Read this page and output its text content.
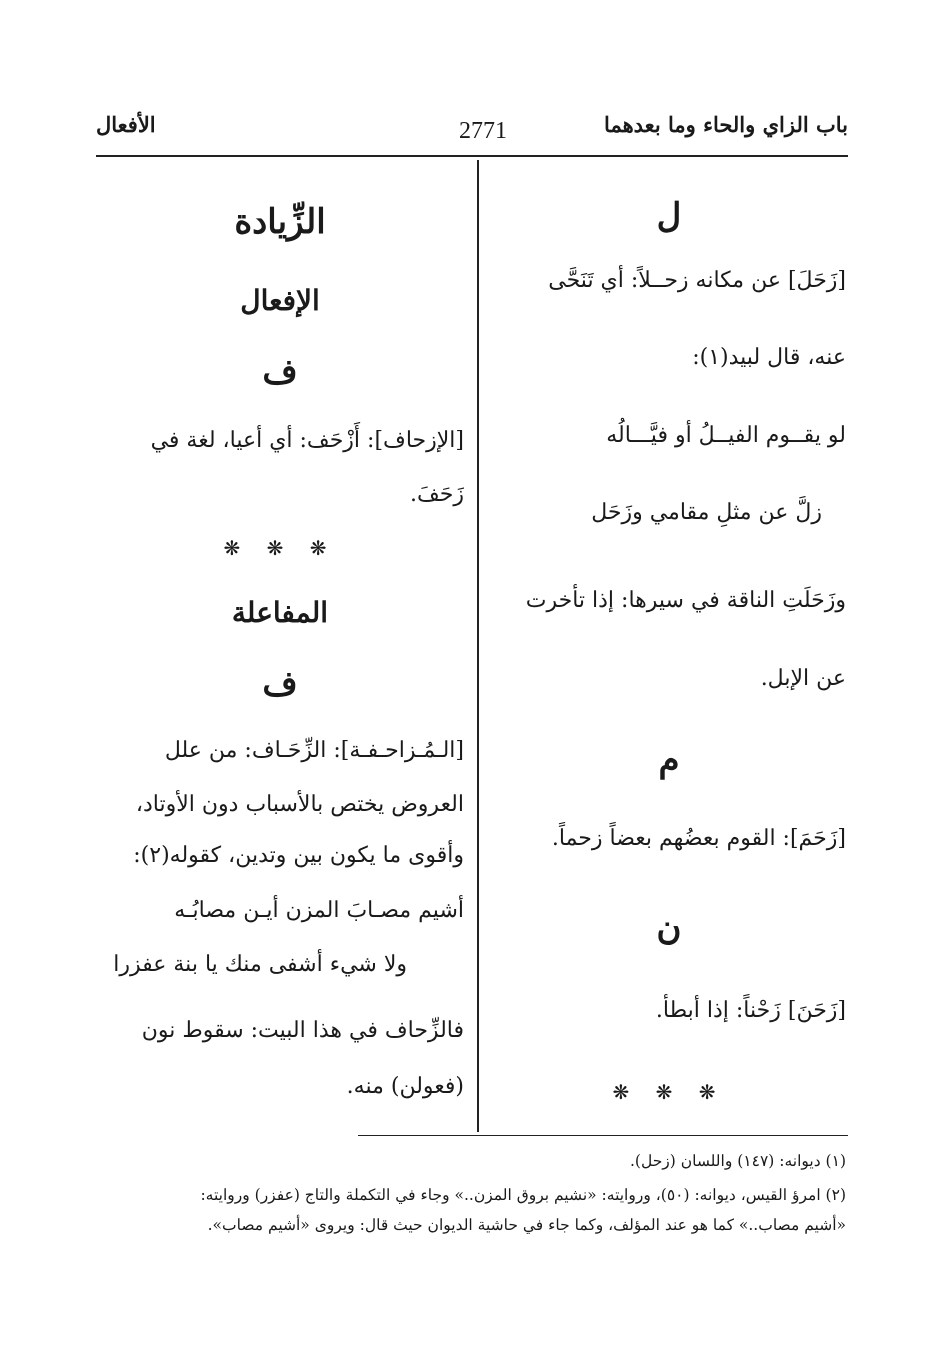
باب الزاي والحاء وما بعدهما
2771
الأفعال
ل
[زَحَلَ] عن مكانه زحــلاً: أي تَنَحَّى
عنه، قال لبيد(١):
لو يقــوم الفيــلُ أو فيَّـــالُه
زلَّ عن مثلِ مقامي وزَحَل
وزَحَلَتِ الناقة في سيرها: إذا تأخرت
عن الإبل.
م
[زَحَمَ]: القوم بعضُهم بعضاً زحماً.
ن
[زَحَنَ] زَحْناً: إذا أبطأ.
❋ ❋ ❋
الزِّيادة
الإفعال
ف
[الإزحاف]: أَزْحَف: أي أعيا، لغة في
زَحَفَ.
❋ ❋ ❋
المفاعلة
ف
[الـمُـزاحـفـة]: الزِّحَـاف: من علل
العروض يختص بالأسباب دون الأوتاد،
وأقوى ما يكون بين وتدين، كقوله(٢):
أشيم مصـابَ المزن أيـن مصابُـه
ولا شيء أشفى منك يا بنة عفزرا
فالزِّحاف في هذا البيت: سقوط نون
(فعولن) منه.
(١) ديوانه: (١٤٧) واللسان (زحل).
(٢) امرؤ القيس، ديوانه: (٥٠)، وروايته: «نشيم بروق المزن..» وجاء في التكملة والتاج (عفزر) وروايته:
«أشيم مصاب..» كما هو عند المؤلف، وكما جاء في حاشية الديوان حيث قال: ويروى «أشيم مصاب».
